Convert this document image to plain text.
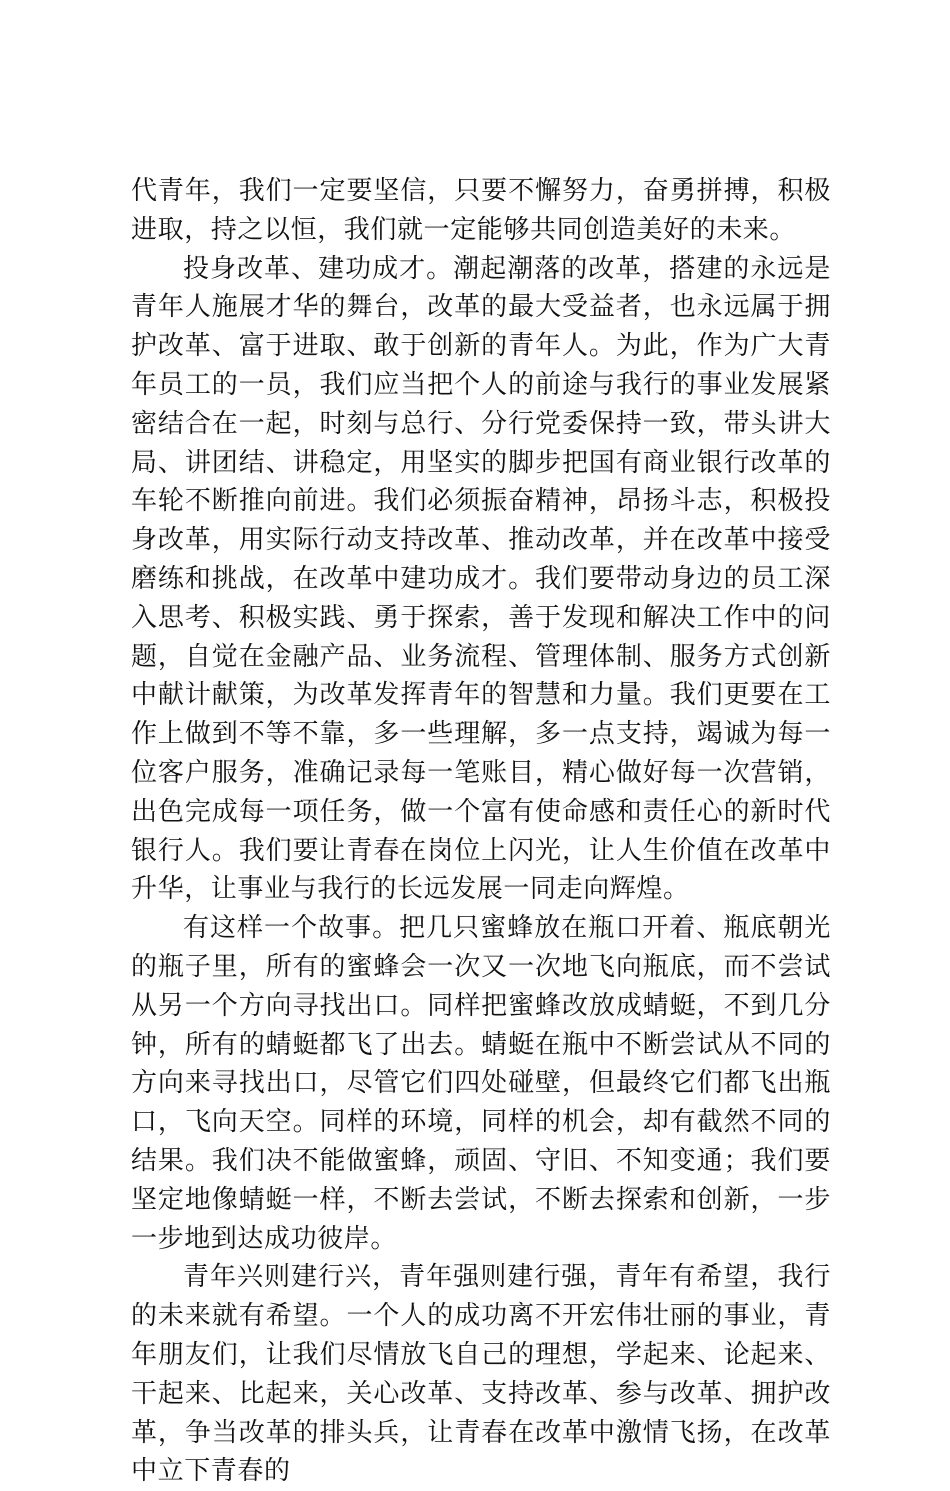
代青年，我们一定要坚信，只要不懈努力，奋勇拼搏，积极进取，持之以恒，我们就一定能够共同创造美好的未来。

投身改革、建功成才。潮起潮落的改革，搭建的永远是青年人施展才华的舞台，改革的最大受益者，也永远属于拥护改革、富于进取、敢于创新的青年人。为此，作为广大青年员工的一员，我们应当把个人的前途与我行的事业发展紧密结合在一起，时刻与总行、分行党委保持一致，带头讲大局、讲团结、讲稳定，用坚实的脚步把国有商业银行改革的车轮不断推向前进。我们必须振奋精神，昂扬斗志，积极投身改革，用实际行动支持改革、推动改革，并在改革中接受磨练和挑战，在改革中建功成才。我们要带动身边的员工深入思考、积极实践、勇于探索，善于发现和解决工作中的问题，自觉在金融产品、业务流程、管理体制、服务方式创新中献计献策，为改革发挥青年的智慧和力量。我们更要在工作上做到不等不靠，多一些理解，多一点支持，竭诚为每一位客户服务，准确记录每一笔账目，精心做好每一次营销，出色完成每一项任务，做一个富有使命感和责任心的新时代银行人。我们要让青春在岗位上闪光，让人生价值在改革中升华，让事业与我行的长远发展一同走向辉煌。

有这样一个故事。把几只蜜蜂放在瓶口开着、瓶底朝光的瓶子里，所有的蜜蜂会一次又一次地飞向瓶底，而不尝试从另一个方向寻找出口。同样把蜜蜂改放成蜻蜓，不到几分钟，所有的蜻蜓都飞了出去。蜻蜓在瓶中不断尝试从不同的方向来寻找出口，尽管它们四处碰壁，但最终它们都飞出瓶口，飞向天空。同样的环境，同样的机会，却有截然不同的结果。我们决不能做蜜蜂，顽固、守旧、不知变通；我们要坚定地像蜻蜓一样，不断去尝试，不断去探索和创新，一步一步地到达成功彼岸。

青年兴则建行兴，青年强则建行强，青年有希望，我行的未来就有希望。一个人的成功离不开宏伟壮丽的事业，青年朋友们，让我们尽情放飞自己的理想，学起来、论起来、干起来、比起来，关心改革、支持改革、参与改革、拥护改革，争当改革的排头兵，让青春在改革中激情飞扬，在改革中立下青春的
